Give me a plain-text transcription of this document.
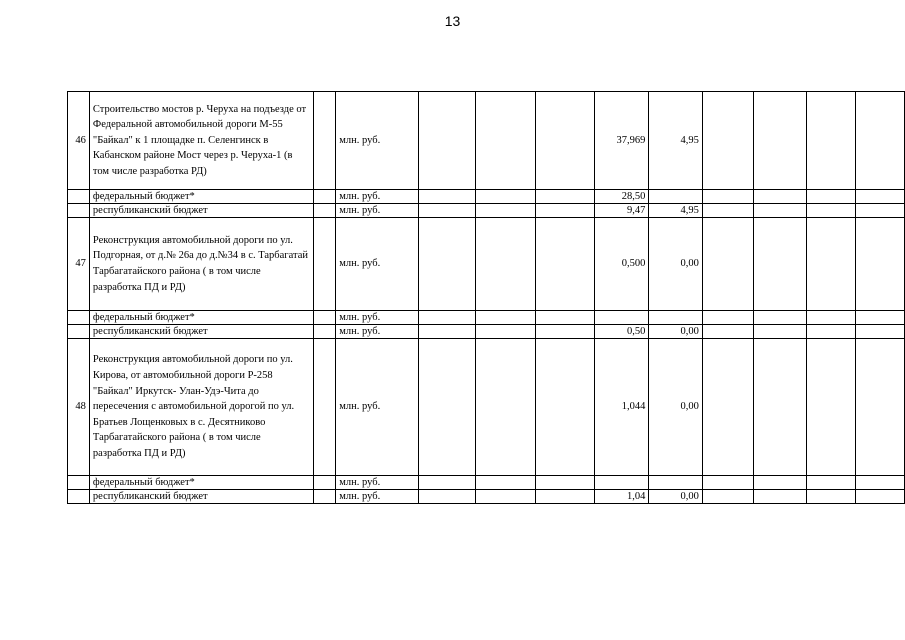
13
46	Строительство мостов р. Черуха на подъезде от Федеральной автомобильной дороги М-55 "Байкал" к 1 площадке п. Селенгинск в Кабанском районе Мост через р. Черуха-1 (в том числе разработка РД)		млн. руб.				37,969	4,95				
	федеральный бюджет*		млн. руб.				28,50					
	республиканский бюджет		млн. руб.				9,47	4,95				
47	Реконструкция автомобильной дороги по ул. Подгорная, от д.№ 26а до д.№34 в с. Тарбагатай Тарбагатайского района ( в том числе разработка ПД и РД)		млн. руб.				0,500	0,00				
	федеральный бюджет*		млн. руб.									
	республиканский бюджет		млн. руб.				0,50	0,00				
48	Реконструкция автомобильной дороги по ул. Кирова, от автомобильной дороги Р-258 "Байкал" Иркутск- Улан-Удэ-Чита до пересечения с автомобильной дорогой по ул. Братьев Лощенковых в с. Десятниково Тарбагатайского района ( в том числе разработка ПД и РД)		млн. руб.				1,044	0,00				
	федеральный бюджет*		млн. руб.									
	республиканский бюджет		млн. руб.				1,04	0,00				
